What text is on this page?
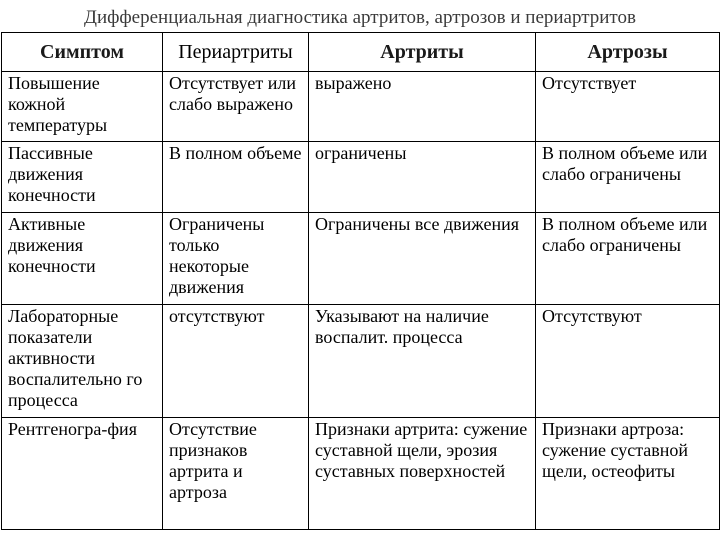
Дифференциальная диагностика артритов, артрозов и периартритов
Симптом	Периартриты	Артриты	Артрозы
Повышение кожной температуры	Отсутствует или слабо выражено	выражено	Отсутствует
Пассивные движения конечности	В полном объеме	ограничены	В полном объеме или слабо ограничены
Активные движения конечности	Ограничены только некоторые движения	Ограничены все движения	В полном объеме или слабо ограничены
Лабораторные показатели активности воспалительно го процесса	отсутствуют	Указывают на наличие воспалит. процесса	Отсутствуют
Рентгеногра-фия	Отсутствие признаков артрита и артроза	Признаки артрита: сужение суставной щели, эрозия суставных поверхностей	Признаки артроза: сужение суставной щели, остеофиты
